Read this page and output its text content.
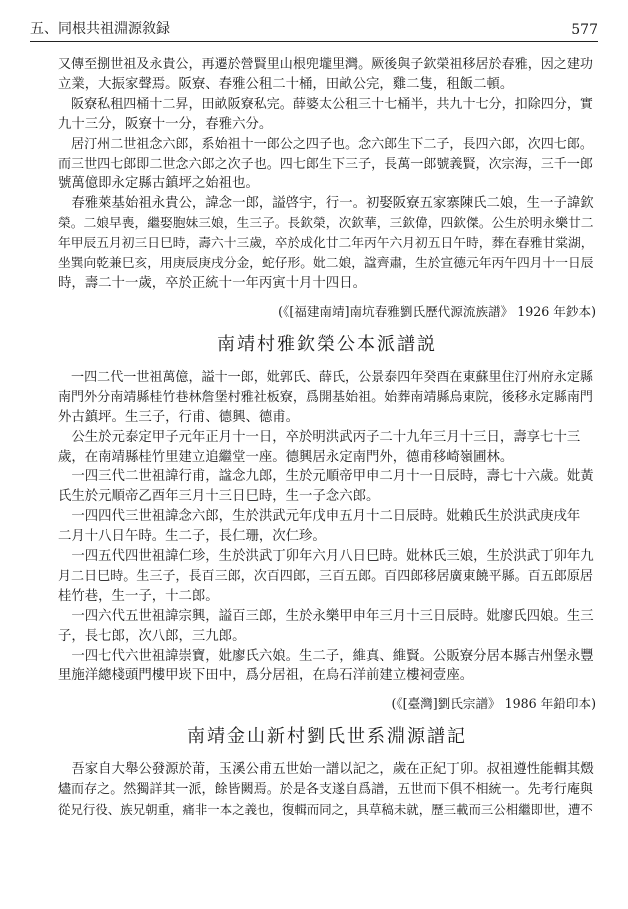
五、同根共祖淵源敘録	577

又傳至捌世祖及永貴公，再遷於營賢里山根兜壠里灣。厥後與子欽榮祖移居於春雅，因之建功

立業，大振家聲焉。阪寮、春雅公租二十桶，田畝公完，雞二隻，租飯二頓。

　阪寮私租四桶十二昇，田畝阪寮私完。薛婆太公租三十七桶半，共九十七分，扣除四分，實

九十三分，阪寮十一分，春雅六分。

　居汀州二世祖念六郎，系始祖十一郎公之四子也。念六郎生下二子，長四六郎，次四七郎。

而三世四七郎即二世念六郎之次子也。四七郎生下三子，長萬一郎號義賢，次宗海，三千一郎

號萬億即永定縣古鎮坪之始祖也。

　春雅萊基始祖永貴公，諱念一郎，謚啓宇，行一。初娶阪寮五家寨陳氏二娘，生一子諱欽

榮。二娘早喪，繼娶胞妹三娘，生三子。長欽榮，次欽華，三欽偉，四欽傑。公生於明永樂廿二

年甲辰五月初三日巳時，壽六十三歲，卒於成化廿二年丙午六月初五日午時，葬在春雅甘棠湖，

坐巽向乾兼巳亥，用庚辰庚戌分金，蛇仔形。妣二娘，諡齊肅，生於宣德元年丙午四月十一日辰

時，壽二十一歲，卒於正統十一年丙寅十月十四日。

(《[福建南靖]南坑春雅劉氏歷代源流族譜》 1926 年鈔本)
南靖村雅欽榮公本派譜説

　一四二代一世祖萬億，謚十一郎，妣郭氏、薛氏，公景泰四年癸酉在東蘇里住汀州府永定縣

南門外分南靖縣桂竹巷林詹堡村雅社板寮，爲開基始祖。始葬南靖縣烏東院，後移永定縣南門

外古鎮坪。生三子，行甫、德興、德甫。

　公生於元泰定甲子元年正月十一日，卒於明洪武丙子二十九年三月十三日，壽享七十三

歲，在南靖縣桂竹里建立追繼堂一座。德興居永定南門外，德甫移崎嶺圃林。

　一四三代二世祖諱行甫，諡念九郎，生於元順帝甲申二月十一日辰時，壽七十六歲。妣黃

氏生於元順帝乙酉年三月十三日巳時，生一子念六郎。

　一四四代三世祖諱念六郎，生於洪武元年戊申五月十二日辰時。妣賴氏生於洪武庚戌年

二月十八日午時。生二子，長仁珊，次仁珍。

　一四五代四世祖諱仁珍，生於洪武丁卯年六月八日巳時。妣林氏三娘，生於洪武丁卯年九

月二日巳時。生三子，長百三郎，次百四郎，三百五郎。百四郎移居廣東饒平縣。百五郎原居

桂竹巷，生一子，十二郎。

　一四六代五世祖諱宗興，謚百三郎，生於永樂甲申年三月十三日辰時。妣廖氏四娘。生三

子，長七郎，次八郎，三九郎。

　一四七代六世祖諱崇寶，妣廖氏六娘。生二子，維真、維賢。公販寮分居本縣吉州堡永豐

里施洋總棧頭門樓甲崁下田中，爲分居祖，在烏石洋前建立樓祠壹座。

(《[臺灣]劉氏宗譜》 1986 年鉛印本)
南靖金山新村劉氏世系淵源譜記

　吾家自大舉公發源於莆，玉溪公甫五世始一譜以記之，歲在正紀丁卯。叔祖遵性能輯其燬

燼而存之。然獨詳其一派，餘皆闕焉。於是各支遂自爲譜，五世而下俱不相統一。先考行庵與

從兄行役、族兄朝重，痛非一本之義也，復輯而同之，具草稿未就，歷三載而三公相繼即世，遭不
